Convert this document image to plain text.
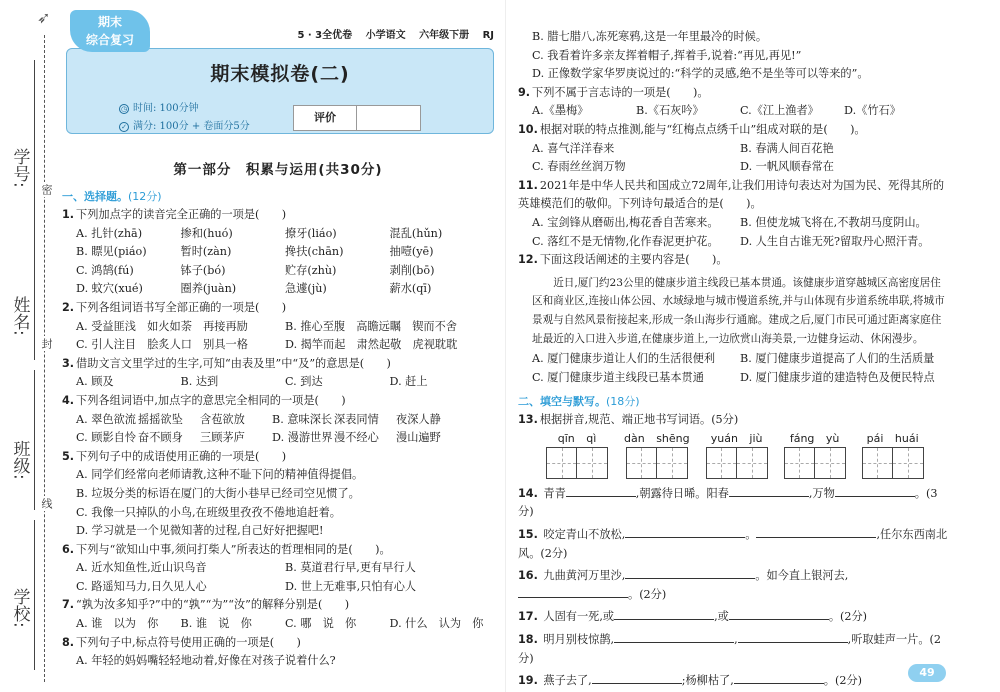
➶
学号:
姓名:
班级:
学校:
密
封
线
期末模拟卷(二)
◷ 时间: 100分钟
✓ 满分: 100分 + 卷面分5分
评价
期末
综合复习	5 · 3全优卷 小学语文 六年级下册 RJ
第一部分　积累与运用(共30分)
一、选择题。(12分)
1. 下列加点字的读音完全正确的一项是(　　)
A. 扎针(zhā)	掺和(huó)	撩牙(liáo)	混乱(hǔn)
B. 瞟见(piáo)	暂时(zàn)	搀扶(chān)	抽噎(yē)
C. 鸿鹄(fú)	钵子(bó)	贮存(zhù)	剥削(bō)
D. 蚊穴(xué)	圈养(juàn)	急遽(jù)	薪水(qī)
2. 下列各组词语书写全部正确的一项是(　　)
A. 受益匪浅　如火如荼　再接再励	B. 推心至腹　高瞻远瞩　锲而不舍
C. 引人注目　脍炙人口　别具一格	D. 揭竿而起　肃然起敬　虎视耽耽
3. 借助文言文里学过的生字,可知“由表及里”中“及”的意思是(　　)
A. 顾及	B. 达到	C. 到达	D. 赶上
4. 下列各组词语中,加点字的意思完全相同的一项是(　　)
A. 翠色欲流 摇摇欲坠	含苞欲放	B. 意味深长 深表同情	夜深人静
C. 顾影自怜 奋不顾身	三顾茅庐	D. 漫游世界 漫不经心	漫山遍野
5. 下列句子中的成语使用正确的一项是(　　)
A. 同学们经常向老师请教,这种不耻下问的精神值得提倡。
B. 垃圾分类的标语在厦门的大街小巷早已经司空见惯了。
C. 我像一只掉队的小鸟,在班级里孜孜不倦地追赶着。
D. 学习就是一个见微知著的过程,自己好好把握吧!
6. 下列与“欲知山中事,须问打柴人”所表达的哲理相同的是(　　)。
A. 近水知鱼性,近山识鸟音	B. 莫道君行早,更有早行人
C. 路遥知马力,日久见人心	D. 世上无难事,只怕有心人
7. “孰为汝多知乎?”中的“孰”“为”“汝”的解释分别是(　　)
A. 谁　以为　你	B. 谁　说　你	C. 哪　说　你	D. 什么　认为　你
8. 下列句子中,标点符号使用正确的一项是(　　)
A. 年轻的妈妈嘴轻轻地动着,好像在对孩子说着什么?
B. 腊七腊八,冻死寒鸦,这是一年里最冷的时候。
C. 我看着许多亲友挥着帽子,挥着手,说着:“再见,再见!”
D. 正像数学家华罗庚说过的:“科学的灵感,绝不是坐等可以等来的”。
9. 下列不属于言志诗的一项是(　　)。
A.《墨梅》	B.《石灰吟》	C.《江上渔者》	D.《竹石》
10. 根据对联的特点推测,能与“红梅点点绣千山”组成对联的是(　　)。
A. 喜气洋洋春来	B. 春满人间百花艳
C. 春雨丝丝润万物	D. 一帆风顺春常在
11. 2021年是中华人民共和国成立72周年,让我们用诗句表达对为国为民、死得其所的英雄模范们的敬仰。下列诗句最适合的是(　　)。
A. 宝剑锋从磨砺出,梅花香自苦寒来。	B. 但使龙城飞将在,不教胡马度阴山。
C. 落红不是无情物,化作春泥更护花。	D. 人生自古谁无死?留取丹心照汗青。
12. 下面这段话阐述的主要内容是(　　)。
近日,厦门约23公里的健康步道主线段已基本贯通。该健康步道穿越城区高密度居住区和商业区,连接山体公园、水域绿地与城市慢道系统,并与山体现有步道系统串联,将城市景观与自然风景衔接起来,形成一条山海步行通廊。建成之后,厦门市民可通过距离家庭住址最近的入口进入步道,在健康步道上,一边欣赏山海美景,一边健身运动、休闲漫步。
A. 厦门健康步道让人们的生活很便利	B. 厦门健康步道提高了人们的生活质量
C. 厦门健康步道主线段已基本贯通	D. 厦门健康步道的建造特色及便民特点
二、填空与默写。(18分)
13. 根据拼音,规范、端正地书写词语。(5分)
qīn qì	dàn shēng yuán jiù fáng yù pái huái
14. 青青	,朝露待日晞。阳春	,万物	。(3分)
15. 咬定青山不放松,	。	,任尔东西南北风。(2分)
16. 九曲黄河万里沙,	。如今直上银河去,。(2分)
17. 人固有一死,或	,或	。(2分)
18. 明月别枝惊鹊,	,	,听取蛙声一片。(2分)
19. 燕子去了,	;杨柳枯了,	。(2分)
49
